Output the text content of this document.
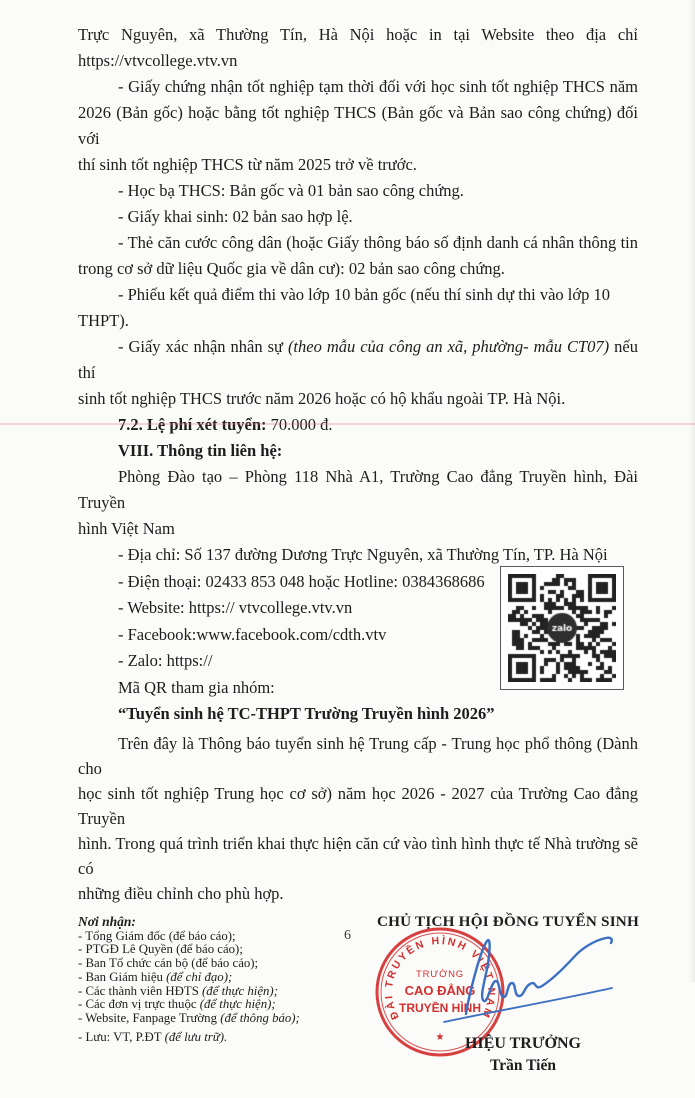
Trực Nguyên, xã Thường Tín, Hà Nội hoặc in tại Website theo địa chỉ
https://vtvcollege.vtv.vn
- Giấy chứng nhận tốt nghiệp tạm thời đối với học sinh tốt nghiệp THCS năm
2026 (Bản gốc) hoặc bằng tốt nghiệp THCS (Bản gốc và Bản sao công chứng) đối với
thí sinh tốt nghiệp THCS từ năm 2025 trở về trước.
- Học bạ THCS: Bản gốc và 01 bản sao công chứng.
- Giấy khai sinh: 02 bản sao hợp lệ.
- Thẻ căn cước công dân (hoặc Giấy thông báo số định danh cá nhân thông tin
trong cơ sở dữ liệu Quốc gia về dân cư): 02 bản sao công chứng.
- Phiếu kết quả điểm thi vào lớp 10 bản gốc (nếu thí sinh dự thi vào lớp 10 THPT).
- Giấy xác nhận nhân sự (theo mẫu của công an xã, phường- mẫu CT07) nếu thí
sinh tốt nghiệp THCS trước năm 2026 hoặc có hộ khẩu ngoài TP. Hà Nội.
7.2. Lệ phí xét tuyển: 70.000 đ.
VIII. Thông tin liên hệ:
Phòng Đào tạo – Phòng 118 Nhà A1, Trường Cao đẳng Truyền hình, Đài Truyền
hình Việt Nam
- Địa chỉ: Số 137 đường Dương Trực Nguyên, xã Thường Tín, TP. Hà Nội
- Điện thoại: 02433 853 048 hoặc Hotline: 0384368686
- Website: https:// vtvcollege.vtv.vn
- Facebook:www.facebook.com/cdth.vtv
- Zalo: https://
Mã QR tham gia nhóm:
“Tuyển sinh hệ TC-THPT Trường Truyền hình 2026”
Trên đây là Thông báo tuyển sinh hệ Trung cấp - Trung học phổ thông (Dành cho
học sinh tốt nghiệp Trung học cơ sở) năm học 2026 - 2027 của Trường Cao đẳng Truyền
hình. Trong quá trình triển khai thực hiện căn cứ vào tình hình thực tế Nhà trường sẽ có
những điều chỉnh cho phù hợp.
Nơi nhận:
- Tổng Giám đốc (để báo cáo);
- PTGĐ Lê Quyền (để báo cáo);
- Ban Tổ chức cán bộ (để báo cáo);
- Ban Giám hiệu (để chỉ đạo);
- Các thành viên HĐTS (để thực hiện);
- Các đơn vị trực thuộc (để thực hiện);
- Website, Fanpage Trường (để thông báo);
- Lưu: VT, P.ĐT (để lưu trữ).
CHỦ TỊCH HỘI ĐỒNG TUYỂN SINH
ĐÀI TRUYỀN HÌNH VIỆT NAM
TRƯỜNG
CAO ĐẲNG
TRUYỀN HÌNH
★	HIỆU TRƯỞNG
Trần Tiến
6
